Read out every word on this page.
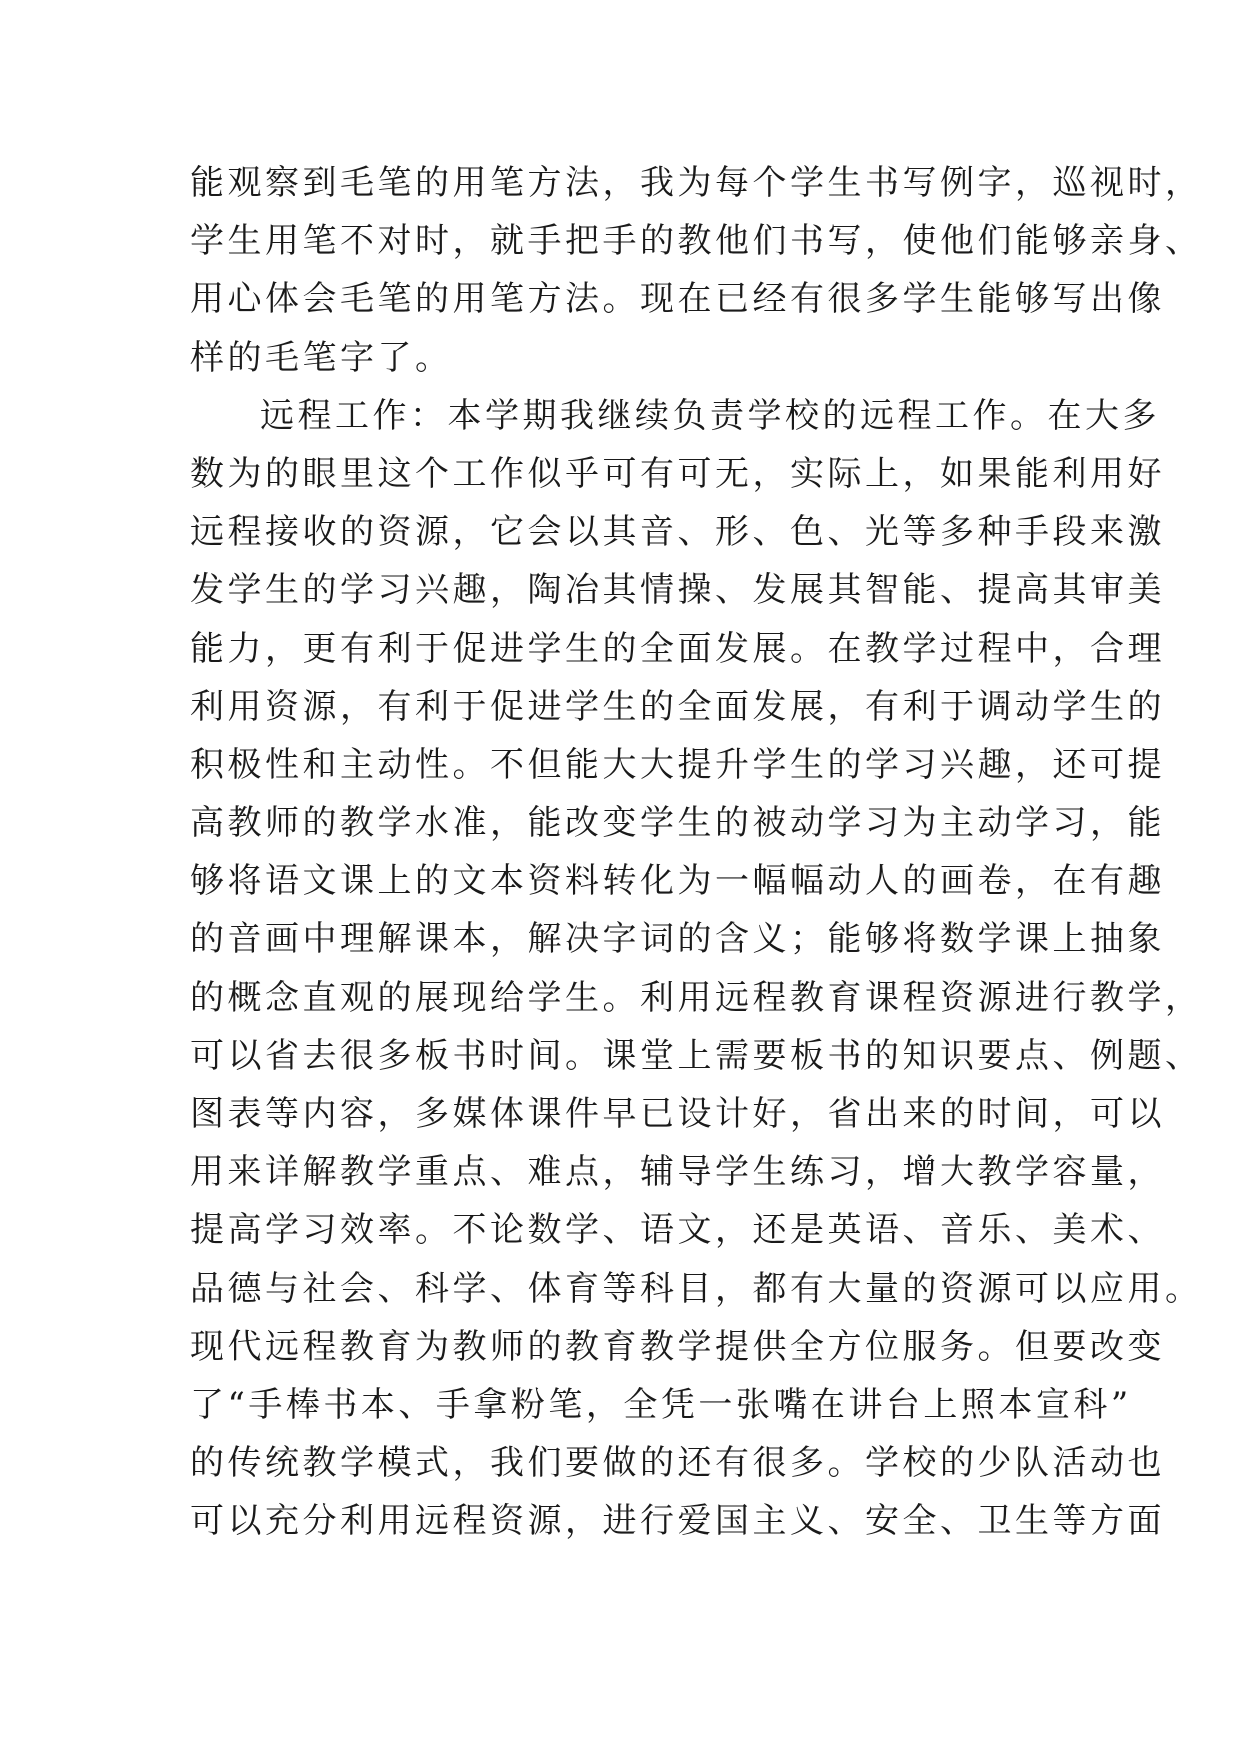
能观察到毛笔的用笔方法，我为每个学生书写例字，巡视时，
学生用笔不对时，就手把手的教他们书写，使他们能够亲身、
用心体会毛笔的用笔方法。现在已经有很多学生能够写出像
样的毛笔字了。
远程工作：本学期我继续负责学校的远程工作。在大多
数为的眼里这个工作似乎可有可无，实际上，如果能利用好
远程接收的资源，它会以其音、形、色、光等多种手段来激
发学生的学习兴趣，陶冶其情操、发展其智能、提高其审美
能力，更有利于促进学生的全面发展。在教学过程中，合理
利用资源，有利于促进学生的全面发展，有利于调动学生的
积极性和主动性。不但能大大提升学生的学习兴趣，还可提
高教师的教学水准，能改变学生的被动学习为主动学习，能
够将语文课上的文本资料转化为一幅幅动人的画卷，在有趣
的音画中理解课本，解决字词的含义；能够将数学课上抽象
的概念直观的展现给学生。利用远程教育课程资源进行教学，
可以省去很多板书时间。课堂上需要板书的知识要点、例题、
图表等内容，多媒体课件早已设计好，省出来的时间，可以
用来详解教学重点、难点，辅导学生练习，增大教学容量，
提高学习效率。不论数学、语文，还是英语、音乐、美术、
品德与社会、科学、体育等科目，都有大量的资源可以应用。
现代远程教育为教师的教育教学提供全方位服务。但要改变
了“手棒书本、手拿粉笔，全凭一张嘴在讲台上照本宣科”
的传统教学模式，我们要做的还有很多。学校的少队活动也
可以充分利用远程资源，进行爱国主义、安全、卫生等方面
